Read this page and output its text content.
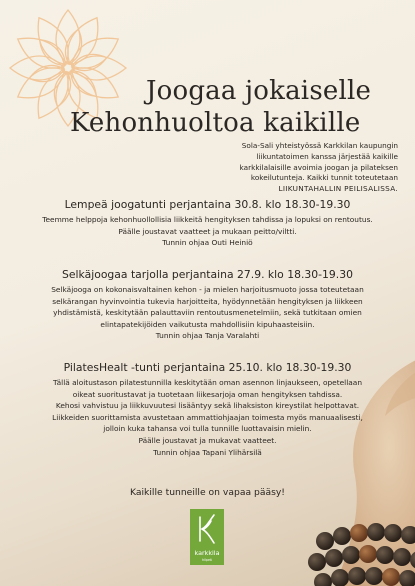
Joogaa jokaiselle
Kehonhuoltoa kaikille
Sola-Sali yhteistyössä Karkkilan kaupungin
liikuntatoimen kanssa järjestää kaikille
karkkilalaisille avoimia joogan ja pilateksen
kokeilutunteja. Kaikki tunnit toteutetaan
LIIKUNTAHALLIN PEILISALISSA.
Lempeä joogatunti perjantaina 30.8. klo 18.30-19.30
Teemme helppoja kehonhuollollisia liikkeitä hengityksen tahdissa ja lopuksi on rentoutus.
Päälle joustavat vaatteet ja mukaan peitto/viltti.
Tunnin ohjaa Outi Heiniö
Selkäjoogaa tarjolla perjantaina 27.9. klo 18.30-19.30
Selkäjooga on kokonaisvaltainen kehon - ja mielen harjoitusmuoto jossa toteutetaan
selkärangan hyvinvointia tukevia harjoitteita, hyödynnetään hengityksen ja liikkeen
yhdistämistä, keskitytään palauttaviin rentoutusmenetelmiin, sekä tutkitaan omien
elintapatekijöiden vaikutusta mahdollisiin kipuhaasteisiin.
Tunnin ohjaa Tanja Varalahti
PilatesHealt -tunti perjantaina 25.10. klo 18.30-19.30
Tällä aloitustason pilatestunnilla keskitytään oman asennon linjaukseen, opetellaan
oikeat suoritustavat ja tuotetaan liikesarjoja oman hengityksen tahdissa.
Kehosi vahvistuu ja liikkuvuutesi lisääntyy sekä lihaksiston kireystilat helpottavat.
Liikkeiden suorittamista avustetaan ammattiohjaajan toimesta myös manuaalisesti,
jolloin kuka tahansa voi tulla tunnille luottavaisin mielin.
Päälle joustavat ja mukavat vaatteet.
Tunnin ohjaa Tapani Ylihärsilä
Kaikille tunneille on vapaa pääsy!
karkkila
hilpeä
